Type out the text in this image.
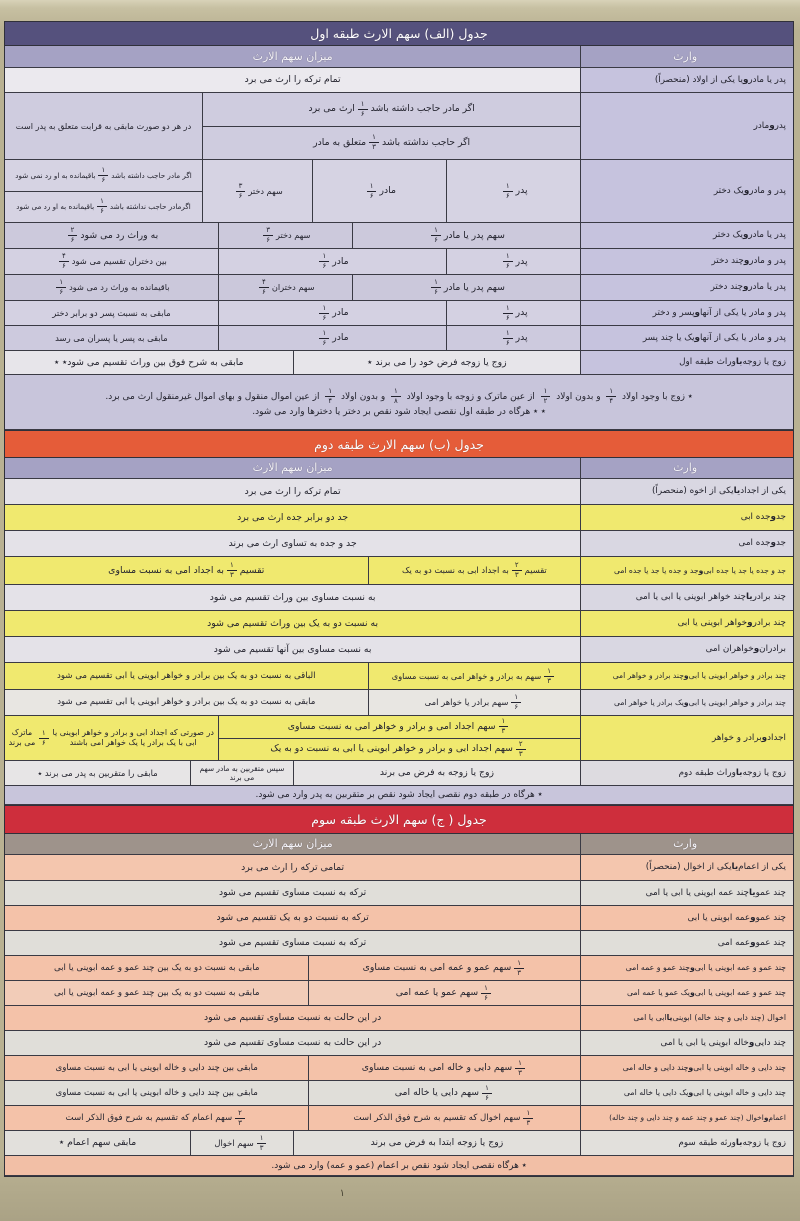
جدول (الف) سهم الارث طبقه اول
وارث
میزان سهم الارث
پدر یا مادر
و
یا یکی از اولاد (منحصراً)
تمام ترکه را ارث می برد
پدر
و
مادر
اگر مادر حاجب داشته باشد
$\frac{۱}{۶}$
ارث می برد
اگر حاجب نداشته باشد
$\frac{۱}{۳}$
متعلق به مادر
در هر دو صورت مابقی به قرابت متعلق به پدر است
پدر و مادر
و
یک دختر
پدر
$\frac{۱}{۶}$
مادر
$\frac{۱}{۶}$
سهم دختر
$\frac{۳}{۶}$
اگر مادر حاجب داشته باشد
$\frac{۱}{۶}$
باقیمانده به او رد نمی شود
اگرمادر حاجب نداشته باشد
$\frac{۱}{۶}$
باقیمانده به او رد می شود
پدر یا مادر
و
یک دختر
سهم پدر یا مادر
$\frac{۱}{۶}$
سهم دختر
$\frac{۳}{۶}$
به وراث رد می شود
$\frac{۲}{۶}$
پدر و مادر
و
چند دختر
پدر
$\frac{۱}{۶}$
مادر
$\frac{۱}{۶}$
بین دختران تقسیم می شود
$\frac{۴}{۶}$
پدر یا مادر
و
چند دختر
سهم پدر یا مادر
$\frac{۱}{۶}$
سهم دختران
$\frac{۴}{۶}$
باقیمانده به وراث رد می شود
$\frac{۱}{۶}$
پدر و مادر یا یکی از آنها
و
پسر و دختر
پدر
$\frac{۱}{۶}$
مادر
$\frac{۱}{۶}$
مابقی به نسبت پسر دو برابر دختر
پدر و مادر یا یکی از آنها
و
یک یا چند پسر
پدر
$\frac{۱}{۶}$
مادر
$\frac{۱}{۶}$
مابقی به پسر یا پسران می رسد
زوج یا زوجه
با
وراث طبقه اول
زوج یا زوجه فرض خود را می برند ٭
مابقی به شرح فوق بین وراث تقسیم می شود٭ ٭
٭ زوج با وجود اولاد
$\frac{۱}{۴}$
و بدون اولاد
$\frac{۱}{۲}$
از عین ماترک و زوجه با وجود اولاد
$\frac{۱}{۸}$
و بدون اولاد
$\frac{۱}{۴}$
از عین اموال منقول و بهای اموال غیرمنقول ارث می برد.
٭ ٭ هرگاه در طبقه اول نقصی ایجاد شود نقص بر دختر یا دخترها وارد می شود.
جدول (ب) سهم الارث طبقه دوم
وارث
میزان سهم الارث
یکی از اجداد
یا
یکی از اخوه (منحصراً)
تمام ترکه را ارث می برد
جد
و
جده ابی
جد دو برابر جده ارث می برد
جد
و
جده امی
جد و جده به تساوی ارث می برند
جد و جده یا جد یا جده ابی
و
جد و جده یا جد یا جده امی
تقسیم
$\frac{۲}{۳}$
به اجداد ابی به نسبت دو به یک
تقسیم
$\frac{۱}{۳}$
به اجداد امی به نسبت مساوی
چند برادر
یا
چند خواهر ابوینی یا ابی یا امی
به نسبت مساوی بین وراث تقسیم می شود
چند برادر
و
خواهر ابوینی یا ابی
به نسبت دو به یک بین وراث تقسیم می شود
برادران
و
خواهران امی
به نسبت مساوی بین آنها تقسیم می شود
چند برادر و خواهر ابوینی یا ابی
و
چند برادر و خواهر امی
$\frac{۱}{۳}$
سهم به برادر و خواهر امی به نسبت مساوی
الباقی به نسبت دو به یک بین برادر و خواهر ابوینی یا ابی تقسیم می شود
چند برادر و خواهر ابوینی یا ابی
و
یک برادر یا خواهر امی
$\frac{۱}{۶}$
سهم برادر یا خواهر امی
مابقی به نسبت دو به یک بین برادر و خواهر ابوینی یا ابی تقسیم می شود
اجداد
و
برادر و خواهر
$\frac{۱}{۳}$
سهم اجداد امی و برادر و خواهر امی به نسبت مساوی
$\frac{۲}{۳}$
سهم اجداد ابی و برادر و خواهر ابوینی یا ابی به نسبت دو به یک
در صورتی که اجداد ابی و برادر و خواهر ابوینی یا ابی با یک برادر یا یک خواهر امی باشند
$\frac{۱}{۶}$
ماترک می برند
زوج یا زوجه
با
وراث طبقه دوم
زوج یا زوجه به فرض می برند
سپس متقربین به مادر سهم می برند
مابقی را متقربین به پدر می برند ٭
٭ هرگاه در طبقه دوم نقصی ایجاد شود نقص بر متقربین به پدر وارد می شود.
جدول ( ج) سهم الارث طبقه سوم
وارث
میزان سهم الارث
یکی از اعمام
یا
یکی از اخوال (منحصراً)
تمامی ترکه را ارث می برد
چند عمو
یا
چند عمه ابوینی یا ابی یا امی
ترکه به نسبت مساوی تقسیم می شود
چند عمو
و
عمه ابوینی یا ابی
ترکه به نسبت دو به یک تقسیم می شود
چند عمو
و
عمه امی
ترکه به نسبت مساوی تقسیم می شود
چند عمو و عمه ابوینی یا ابی
و
چند عمو و عمه امی
$\frac{۱}{۳}$
سهم عمو و عمه امی به نسبت مساوی
مابقی به نسبت دو به یک بین چند عمو و عمه ابوینی یا ابی
چند عمو و عمه ابوینی یا ابی
و
یک عمو یا عمه امی
$\frac{۱}{۶}$
سهم عمو یا عمه امی
مابقی به نسبت دو به یک بین چند عمو و عمه ابوینی یا ابی
اخوال (چند دایی و چند خاله) ابوینی
یا
ابی یا امی
در این حالت به نسبت مساوی تقسیم می شود
چند دایی
و
خاله ابوینی یا ابی یا امی
در این حالت به نسبت مساوی تقسیم می شود
چند دایی و خاله ابوینی یا ابی
و
چند دایی و خاله امی
$\frac{۱}{۳}$
سهم دایی و خاله امی به نسبت مساوی
مابقی بین چند دایی و خاله ابوینی یا ابی به نسبت مساوی
چند دایی و خاله ابوینی یا ابی
و
یک دایی یا خاله امی
$\frac{۱}{۶}$
سهم دایی یا خاله امی
مابقی بین چند دایی و خاله ابوینی یا ابی به نسبت مساوی
اعمام
و
اخوال (چند عمو و چند عمه و چند دایی و چند خاله)
$\frac{۱}{۳}$
سهم اخوال که تقسیم به شرح فوق الذکر است
$\frac{۲}{۳}$
سهم اعمام که تقسیم به شرح فوق الذکر است
زوج یا زوجه
با
ورثه طبقه سوم
زوج یا زوجه ابتدا به فرض می برند
$\frac{۱}{۳}$
سهم اخوال
مابقی سهم اعمام ٭
٭ هرگاه نقصی ایجاد شود نقص بر اعمام (عمو و عمه) وارد می شود.
۱
